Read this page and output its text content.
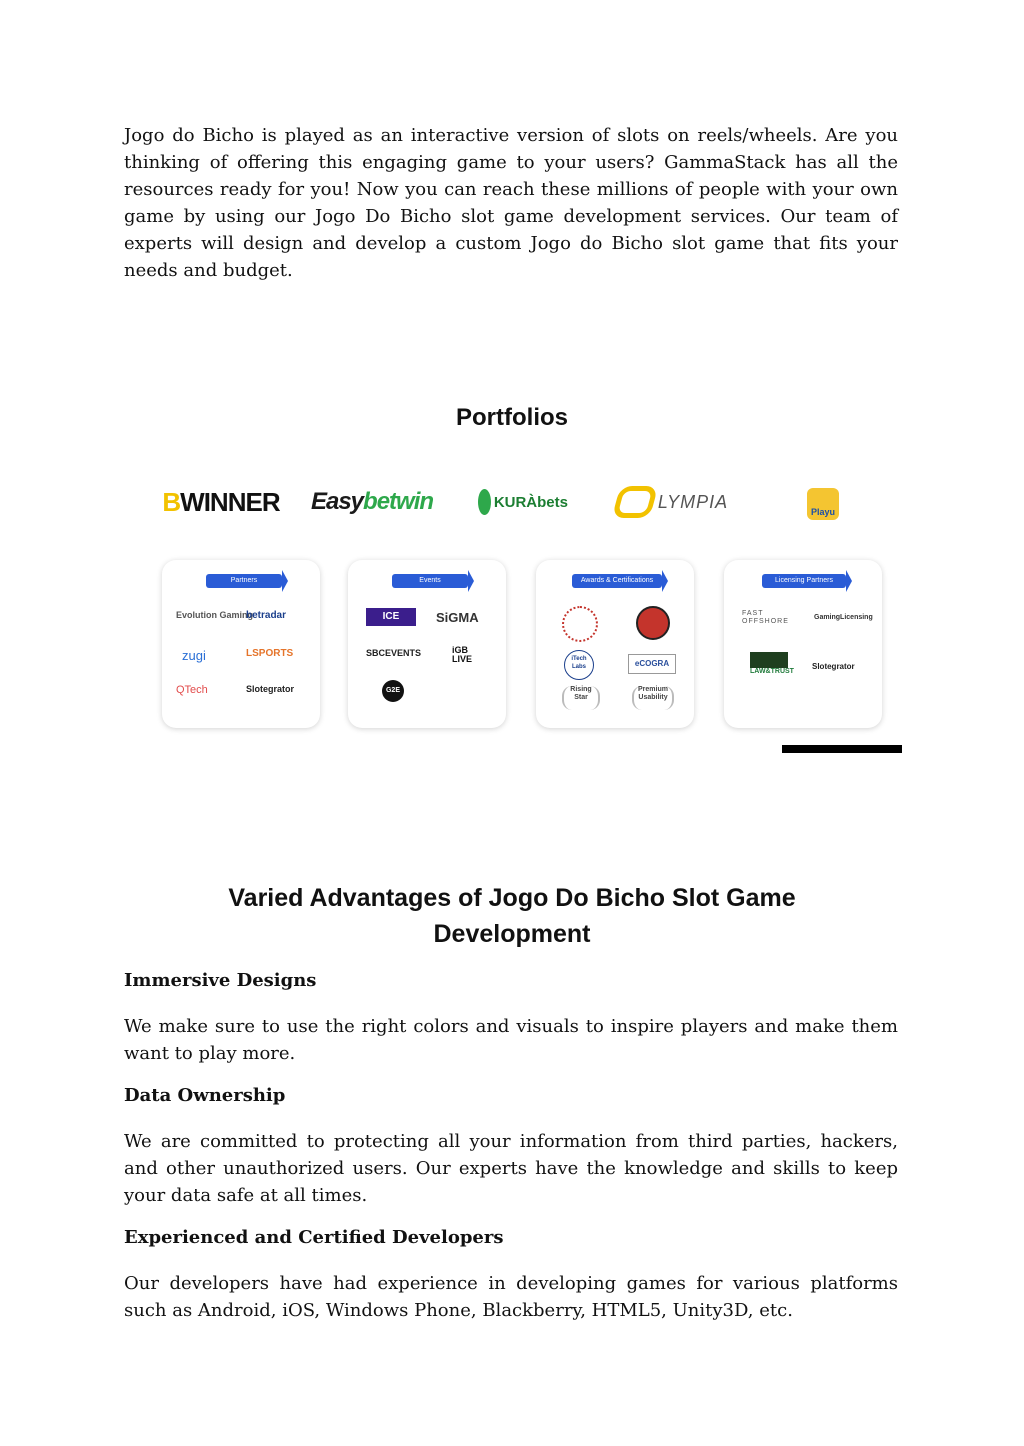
Jogo do Bicho is played as an interactive version of slots on reels/wheels. Are you thinking of offering this engaging game to your users? GammaStack has all the resources ready for you! Now you can reach these millions of people with your own game by using our Jogo Do Bicho slot game development services. Our team of experts will design and develop a custom Jogo do Bicho slot game that fits your needs and budget.

Portfolios
B WINNER Easy betwin	KURÀbets	LYMPIA
Playu
Partners
Evolution Gaming
betradar
zugi	LSPORTS
QTech	Slotegrator
Events
ICE	SiGMA
SBCEVENTS	iGB LIVE
G2E
Awards & Certifications
iTech Labs	eCOGRA
Rising Star
Premium Usability
Licensing Partners
FAST OFFSHORE
GamingLicensing
LAW&TRUST
Slotegrator
Varied Advantages of Jogo Do Bicho Slot Game
Development
Immersive Designs

We make sure to use the right colors and visuals to inspire players and make them want to play more.

Data Ownership

We are committed to protecting all your information from third parties, hackers, and other unauthorized users. Our experts have the knowledge and skills to keep your data safe at all times.

Experienced and Certified Developers

Our developers have had experience in developing games for various platforms such as Android, iOS, Windows Phone, Blackberry, HTML5, Unity3D, etc.
